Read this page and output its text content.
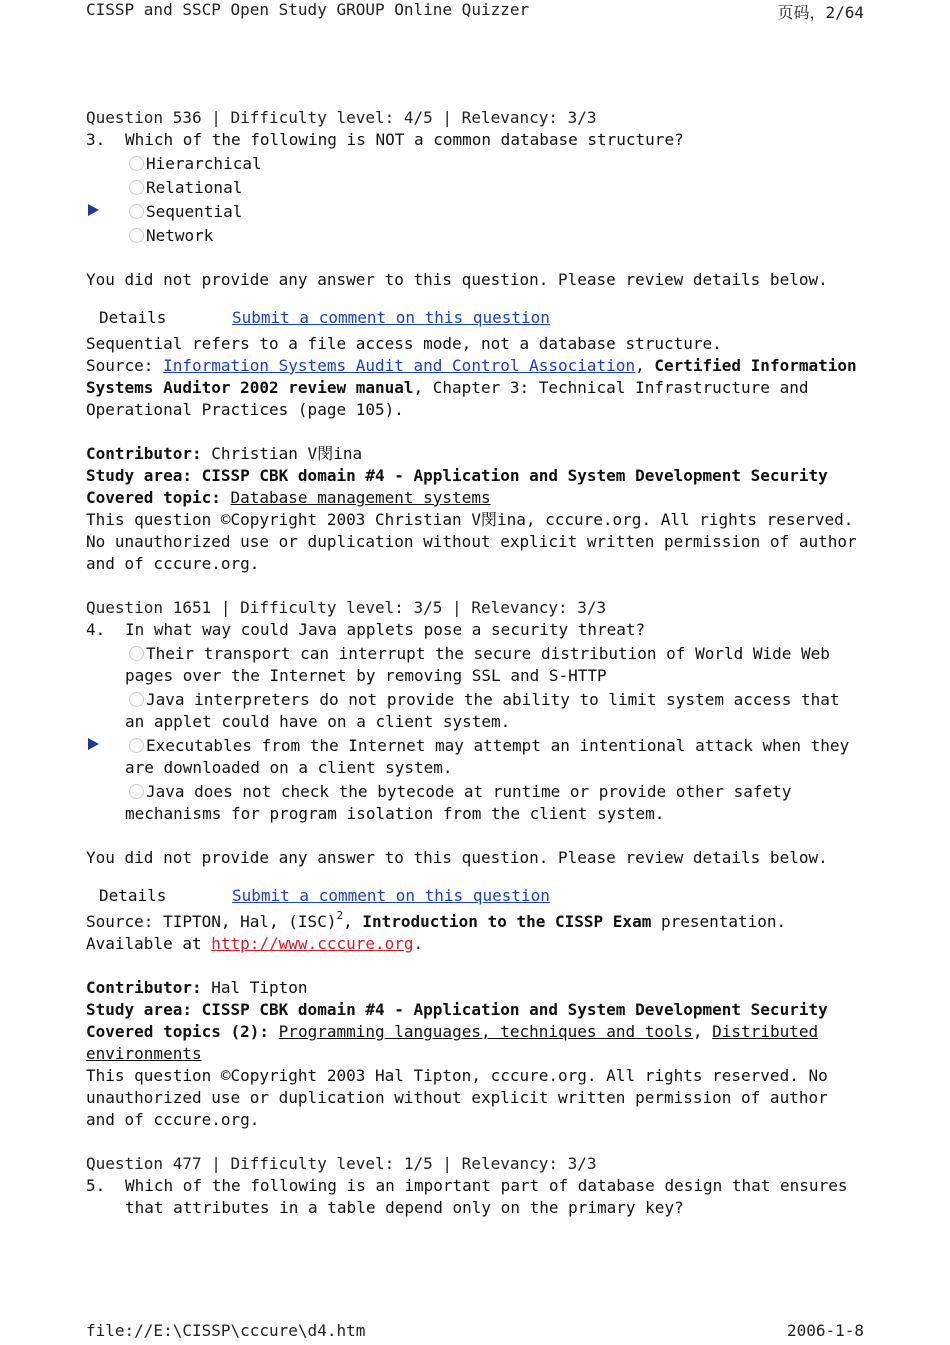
CISSP and SSCP Open Study GROUP Online Quizzer	页码，2/64
Question 536 | Difficulty level: 4/5 | Relevancy: 3/3
3.	Which of the following is NOT a common database structure?
Hierarchical
Relational
Sequential
Network
You did not provide any answer to this question. Please review details below.
Details	Submit a comment on this question
Sequential refers to a file access mode, not a database structure.
Source: Information Systems Audit and Control Association, Certified Information Systems Auditor 2002 review manual, Chapter 3: Technical Infrastructure and Operational Practices (page 105).
Contributor: Christian V閔ina
Study area: CISSP CBK domain #4 - Application and System Development Security
Covered topic: Database management systems
This question ©Copyright 2003 Christian V閔ina, cccure.org. All rights reserved. No unauthorized use or duplication without explicit written permission of author and of cccure.org.
Question 1651 | Difficulty level: 3/5 | Relevancy: 3/3
4.	In what way could Java applets pose a security threat?
Their transport can interrupt the secure distribution of World Wide Web pages over the Internet by removing SSL and S-HTTP
Java interpreters do not provide the ability to limit system access that an applet could have on a client system.
Executables from the Internet may attempt an intentional attack when they are downloaded on a client system.
Java does not check the bytecode at runtime or provide other safety mechanisms for program isolation from the client system.
You did not provide any answer to this question. Please review details below.
Details	Submit a comment on this question
Source: TIPTON, Hal, (ISC)$^2$, Introduction to the CISSP Exam presentation.
Available at http://www.cccure.org.
Contributor: Hal Tipton
Study area: CISSP CBK domain #4 - Application and System Development Security
Covered topics (2): Programming languages, techniques and tools, Distributed environments
This question ©Copyright 2003 Hal Tipton, cccure.org. All rights reserved. No unauthorized use or duplication without explicit written permission of author and of cccure.org.
Question 477 | Difficulty level: 1/5 | Relevancy: 3/3
5.	Which of the following is an important part of database design that ensures that attributes in a table depend only on the primary key?
file://E:\CISSP\cccure\d4.htm	2006-1-8
